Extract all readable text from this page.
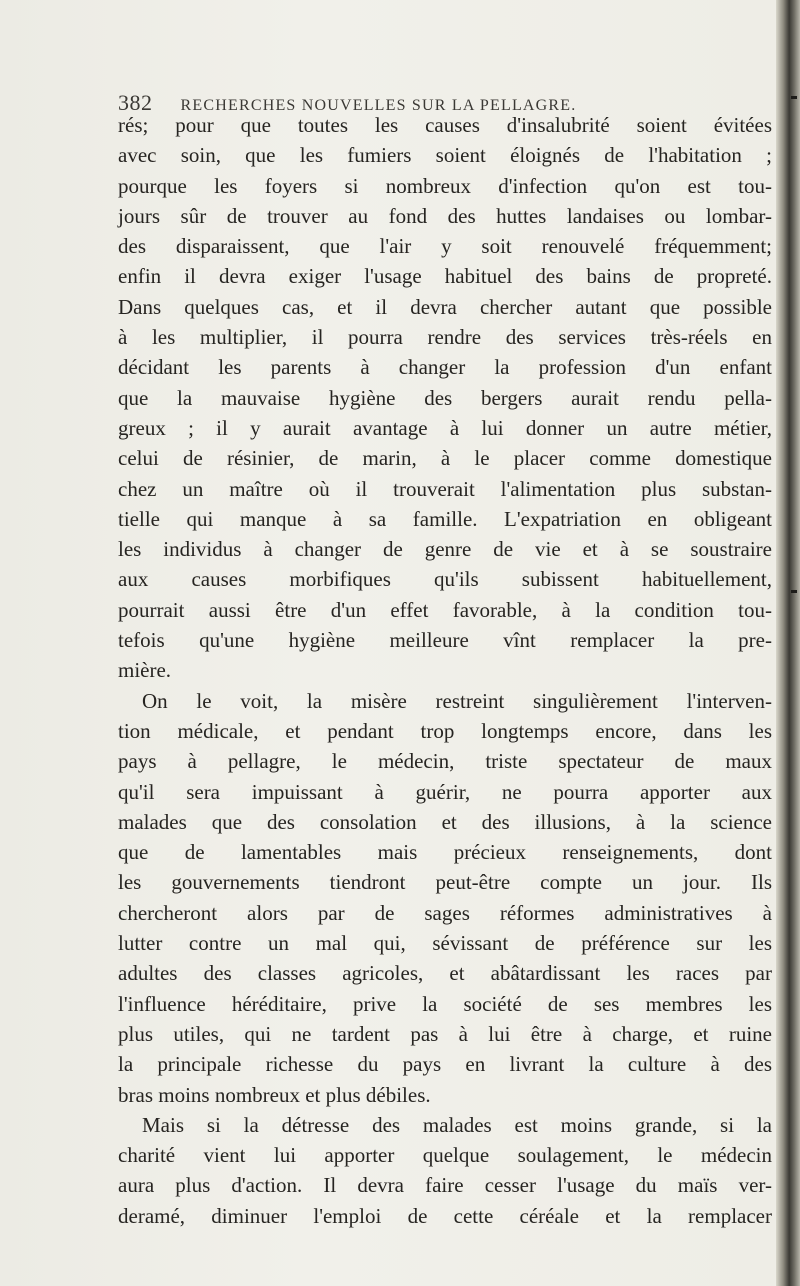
382 RECHERCHES NOUVELLES SUR LA PELLAGRE.
rés; pour que toutes les causes d'insalubrité soient évitées
avec soin, que les fumiers soient éloignés de l'habitation ;
pourque les foyers si nombreux d'infection qu'on est tou-
jours sûr de trouver au fond des huttes landaises ou lombar-
des disparaissent, que l'air y soit renouvelé fréquemment;
enfin il devra exiger l'usage habituel des bains de propreté.
Dans quelques cas, et il devra chercher autant que possible
à les multiplier, il pourra rendre des services très-réels en
décidant les parents à changer la profession d'un enfant
que la mauvaise hygiène des bergers aurait rendu pella-
greux ; il y aurait avantage à lui donner un autre métier,
celui de résinier, de marin, à le placer comme domestique
chez un maître où il trouverait l'alimentation plus substan-
tielle qui manque à sa famille. L'expatriation en obligeant
les individus à changer de genre de vie et à se soustraire
aux causes morbifiques qu'ils subissent habituellement,
pourrait aussi être d'un effet favorable, à la condition tou-
tefois qu'une hygiène meilleure vînt remplacer la pre-
mière.
On le voit, la misère restreint singulièrement l'interven-
tion médicale, et pendant trop longtemps encore, dans les
pays à pellagre, le médecin, triste spectateur de maux
qu'il sera impuissant à guérir, ne pourra apporter aux
malades que des consolation et des illusions, à la science
que de lamentables mais précieux renseignements, dont
les gouvernements tiendront peut-être compte un jour. Ils
chercheront alors par de sages réformes administratives à
lutter contre un mal qui, sévissant de préférence sur les
adultes des classes agricoles, et abâtardissant les races par
l'influence héréditaire, prive la société de ses membres les
plus utiles, qui ne tardent pas à lui être à charge, et ruine
la principale richesse du pays en livrant la culture à des
bras moins nombreux et plus débiles.
Mais si la détresse des malades est moins grande, si la
charité vient lui apporter quelque soulagement, le médecin
aura plus d'action. Il devra faire cesser l'usage du maïs ver-
deramé, diminuer l'emploi de cette céréale et la remplacer
